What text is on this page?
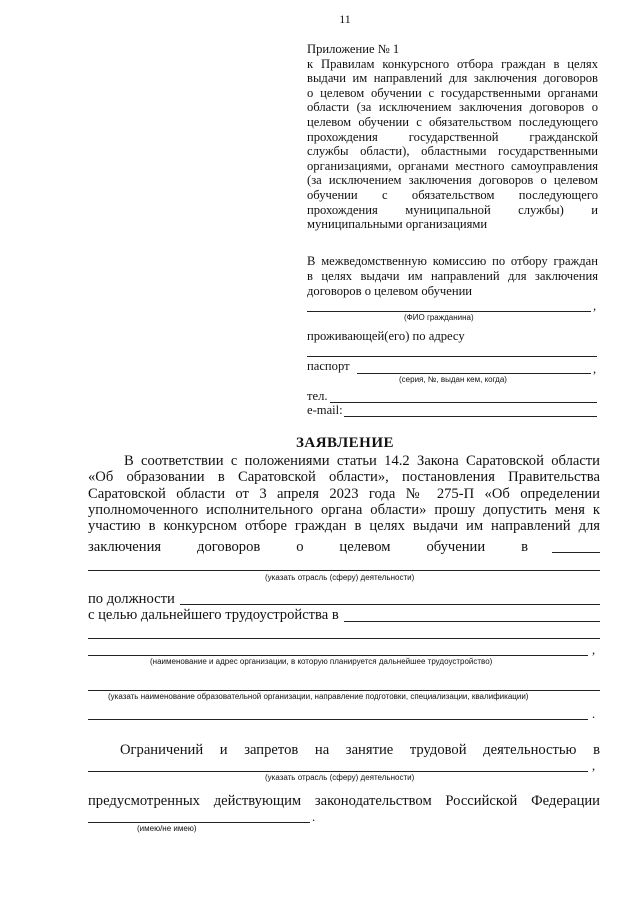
11
Приложение № 1
к Правилам конкурсного отбора граждан в целях
выдачи им направлений для заключения договоров
о целевом обучении с государственными органами
области (за исключением заключения договоров о
целевом обучении с обязательством последующего
прохождения государственной гражданской
службы области), областными государственными
организациями, органами местного самоуправления
(за исключением заключения договоров о целевом
обучении с обязательством последующего
прохождения муниципальной службы) и
муниципальными организациями
В межведомственную комиссию по отбору граждан
в целях выдачи им направлений для заключения
договоров о целевом обучении
,
(ФИО гражданина)
проживающей(его) по адресу
паспорт	,
(серия, №, выдан кем, когда)
тел.
e-mail:
ЗАЯВЛЕНИЕ
В соответствии с положениями статьи 14.2 Закона Саратовской области
«Об образовании в Саратовской области», постановления Правительства
Саратовской области от 3 апреля 2023 года № 275-П «Об определении
уполномоченного исполнительного органа области» прошу допустить меня к
участию в конкурсном отборе граждан в целях выдачи им направлений для
заключения договоров о целевом обучении в
(указать отрасль (сферу) деятельности)
по должности
с целью дальнейшего трудоустройства в
,
(наименование и адрес организации, в которую планируется дальнейшее трудоустройство)
(указать наименование образовательной организации, направление подготовки, специализации, квалификации)
.
Ограничений и запретов на занятие трудовой деятельностью в
,
(указать отрасль (сферу) деятельности)
предусмотренных действующим законодательством Российской Федерации
.
(имею/не имею)
